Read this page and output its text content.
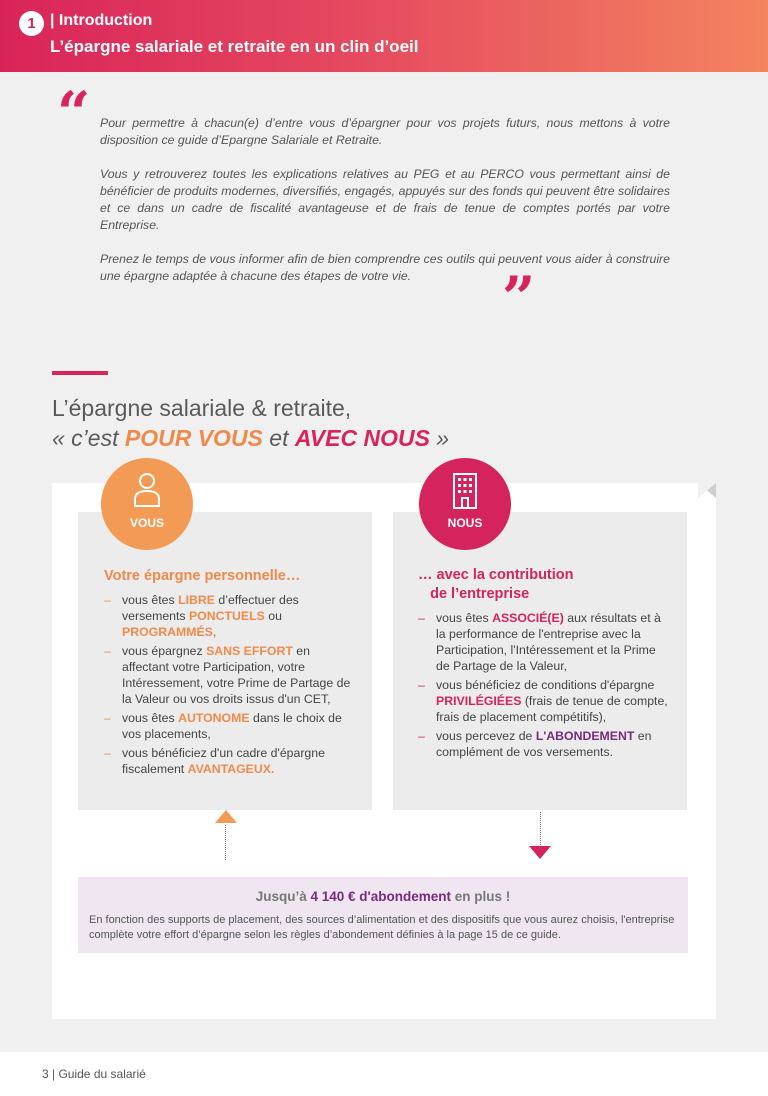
1 | Introduction
L’épargne salariale et retraite en un clin d’oeil
“ Pour permettre à chacun(e) d’entre vous d’épargner pour vos projets futurs, nous mettons à votre disposition ce guide d’Epargne Salariale et Retraite.

Vous y retrouverez toutes les explications relatives au PEG et au PERCO vous permettant ainsi de bénéficier de produits modernes, diversifiés, engagés, appuyés sur des fonds qui peuvent être solidaires et ce dans un cadre de fiscalité avantageuse et de frais de tenue de comptes portés par votre Entreprise.

Prenez le temps de vous informer afin de bien comprendre ces outils qui peuvent vous aider à construire une épargne adaptée à chacune des étapes de votre vie.	”
L’épargne salariale & retraite,
« c’est POUR VOUS et AVEC NOUS »
VOUS	NOUS
Votre épargne personnelle…
– vous êtes LIBRE d’effectuer des versements PONCTUELS ou PROGRAMMÉS,
– vous épargnez SANS EFFORT en affectant votre Participation, votre Intéressement, votre Prime de Partage de la Valeur ou vos droits issus d'un CET,
– vous êtes AUTONOME dans le choix de vos placements,
– vous bénéficiez d'un cadre d'épargne fiscalement AVANTAGEUX.
… avec la contribution
de l’entreprise
– vous êtes ASSOCIÉ(E) aux résultats et à la performance de l'entreprise avec la Participation, l'Intéressement et la Prime de Partage de la Valeur,
– vous bénéficiez de conditions d'épargne PRIVILÉGIÉES (frais de tenue de compte, frais de placement compétitifs),
– vous percevez de L'ABONDEMENT en complément de vos versements.
Jusqu’à 4 140 € d'abondement en plus !
En fonction des supports de placement, des sources d’alimentation et des dispositifs que vous aurez choisis, l'entreprise complète votre effort d’épargne selon les règles d’abondement définies à la page 15 de ce guide.
3 | Guide du salarié
